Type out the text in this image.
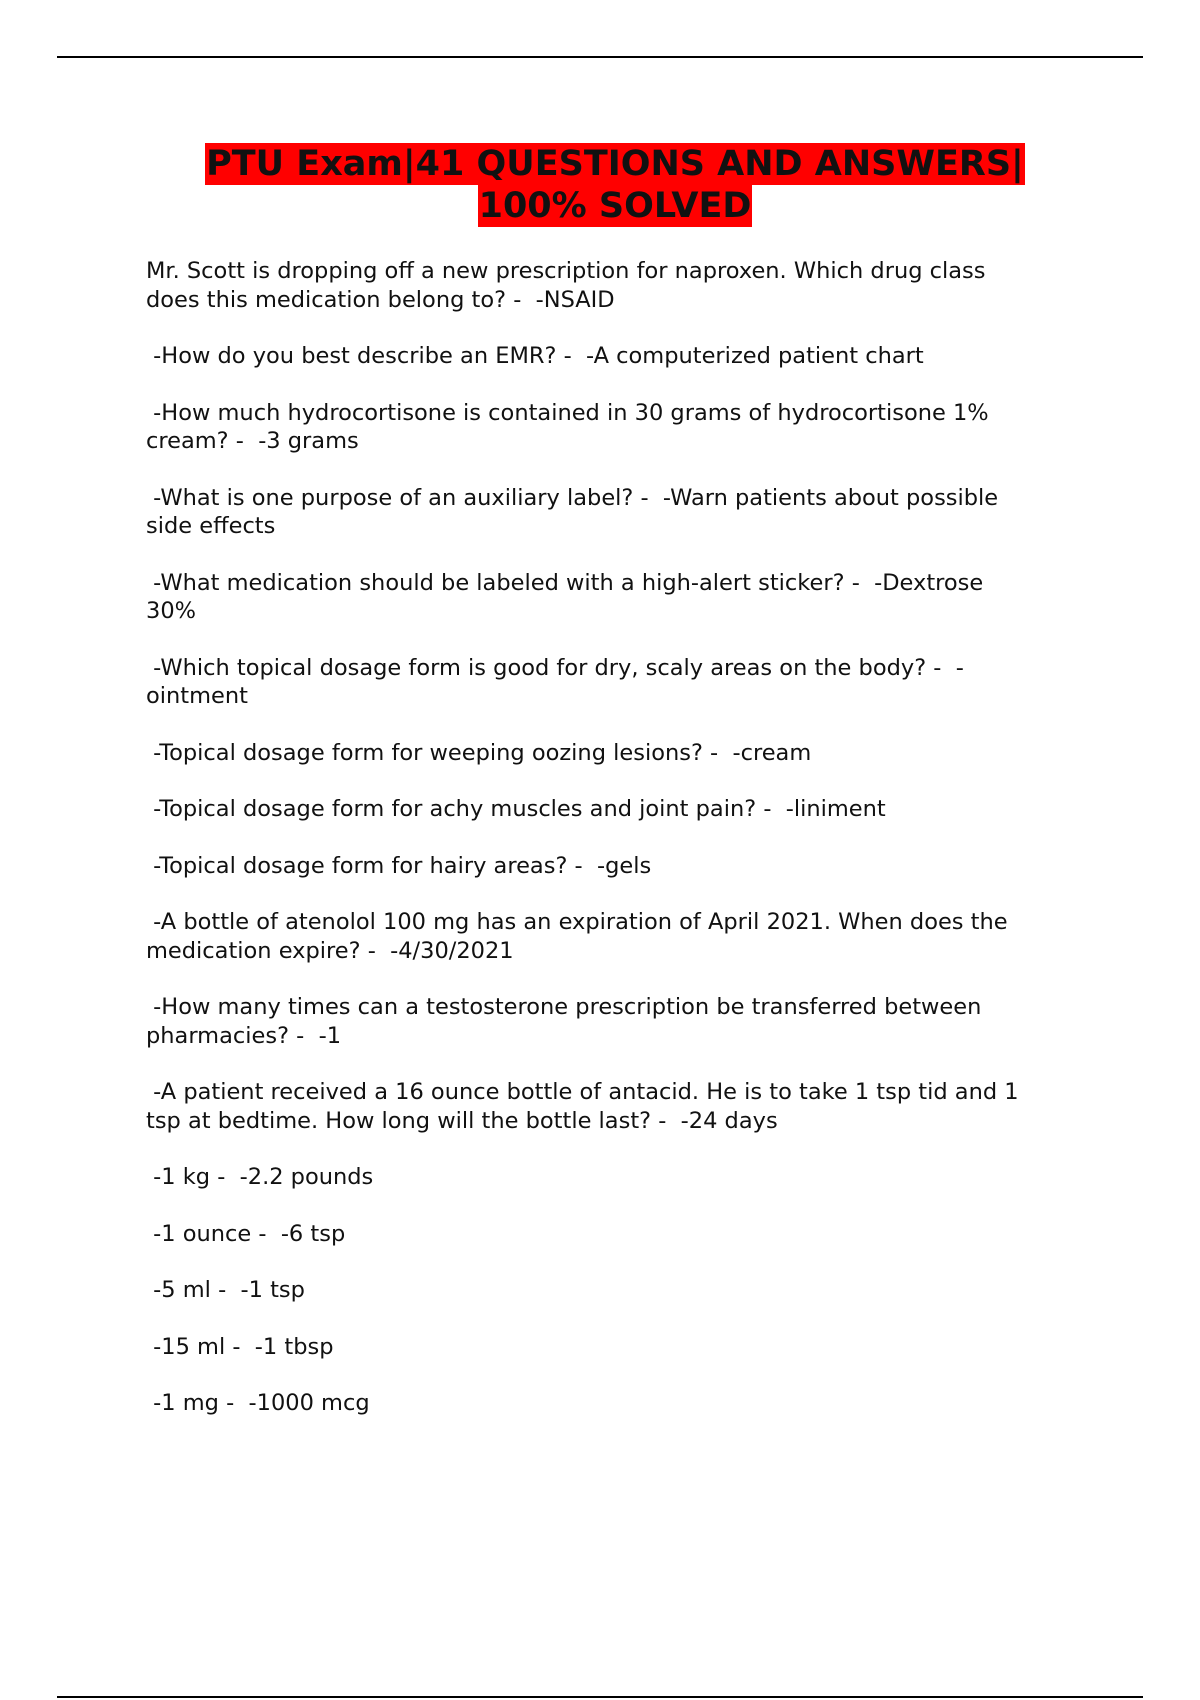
PTU Exam|41 QUESTIONS AND ANSWERS|
100% SOLVED
Mr. Scott is dropping off a new prescription for naproxen. Which drug class
does this medication belong to? -  -NSAID
-How do you best describe an EMR? -  -A computerized patient chart
-How much hydrocortisone is contained in 30 grams of hydrocortisone 1%
cream? -  -3 grams
-What is one purpose of an auxiliary label? -  -Warn patients about possible
side effects
-What medication should be labeled with a high-alert sticker? -  -Dextrose
30%
-Which topical dosage form is good for dry, scaly areas on the body? -  -
ointment
-Topical dosage form for weeping oozing lesions? -  -cream
-Topical dosage form for achy muscles and joint pain? -  -liniment
-Topical dosage form for hairy areas? -  -gels
-A bottle of atenolol 100 mg has an expiration of April 2021. When does the
medication expire? -  -4/30/2021
-How many times can a testosterone prescription be transferred between
pharmacies? -  -1
-A patient received a 16 ounce bottle of antacid. He is to take 1 tsp tid and 1
tsp at bedtime. How long will the bottle last? -  -24 days
-1 kg -  -2.2 pounds
-1 ounce -  -6 tsp
-5 ml -  -1 tsp
-15 ml -  -1 tbsp
-1 mg -  -1000 mcg
